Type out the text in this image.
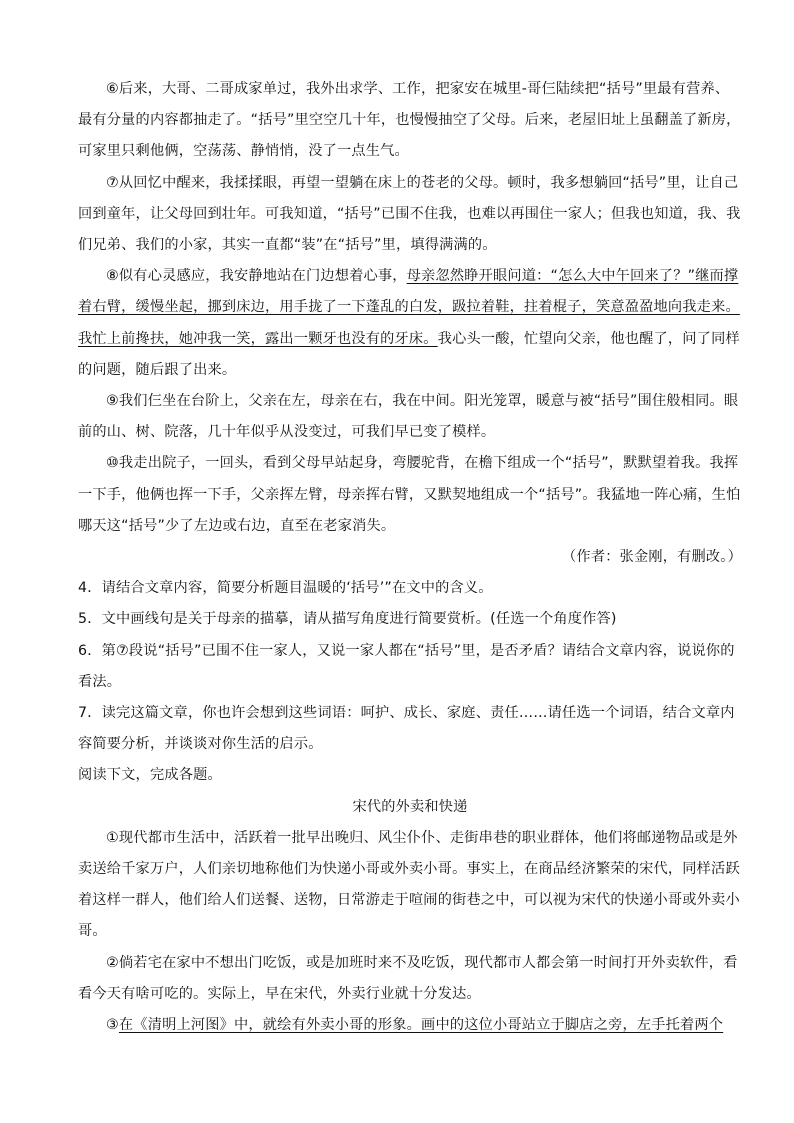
⑥后来，大哥、二哥成家单过，我外出求学、工作，把家安在城里-哥仨陆续把“括号”里最有营养、最有分量的内容都抽走了。“括号”里空空几十年，也慢慢抽空了父母。后来，老屋旧址上虽翻盖了新房，可家里只剩他俩，空荡荡、静悄悄，没了一点生气。

⑦从回忆中醒来，我揉揉眼，再望一望躺在床上的苍老的父母。顿时，我多想躺回“括号”里，让自己回到童年，让父母回到壮年。可我知道，“括号”已围不住我，也难以再围住一家人；但我也知道，我、我们兄弟、我们的小家，其实一直都“装”在“括号”里，填得满满的。

⑧似有心灵感应，我安静地站在门边想着心事，母亲忽然睁开眼问道：“怎么大中午回来了？”继而撑着右臂，缓慢坐起，挪到床边，用手拢了一下蓬乱的白发，趿拉着鞋，拄着棍子，笑意盈盈地向我走来。我忙上前搀扶，她冲我一笑，露出一颗牙也没有的牙床。我心头一酸，忙望向父亲，他也醒了，问了同样的问题，随后跟了出来。

⑨我们仨坐在台阶上，父亲在左，母亲在右，我在中间。阳光笼罩，暖意与被“括号”围住般相同。眼前的山、树、院落，几十年似乎从没变过，可我们早已变了模样。

⑩我走出院子，一回头，看到父母早站起身，弯腰驼背，在檐下组成一个“括号”，默默望着我。我挥一下手，他俩也挥一下手，父亲挥左臂，母亲挥右臂，又默契地组成一个“括号”。我猛地一阵心痛，生怕哪天这“括号”少了左边或右边，直至在老家消失。

（作者：张金刚，有删改。）

4．请结合文章内容，简要分析题目温暖的‘括号’”在文中的含义。

5．文中画线句是关于母亲的描摹，请从描写角度进行简要赏析。(任选一个角度作答)

6．第⑦段说“括号”已围不住一家人，又说一家人都在“括号”里，是否矛盾？请结合文章内容，说说你的看法。

7．读完这篇文章，你也许会想到这些词语：呵护、成长、家庭、责任……请任选一个词语，结合文章内容简要分析，并谈谈对你生活的启示。

阅读下文，完成各题。

宋代的外卖和快递

①现代都市生活中，活跃着一批早出晚归、风尘仆仆、走街串巷的职业群体，他们将邮递物品或是外卖送给千家万户，人们亲切地称他们为快递小哥或外卖小哥。事实上，在商品经济繁荣的宋代，同样活跃着这样一群人，他们给人们送餐、送物，日常游走于喧闹的街巷之中，可以视为宋代的快递小哥或外卖小哥。

②倘若宅在家中不想出门吃饭，或是加班时来不及吃饭，现代都市人都会第一时间打开外卖软件，看看今天有啥可吃的。实际上，早在宋代，外卖行业就十分发达。

③在《清明上河图》中，就绘有外卖小哥的形象。画中的这位小哥站立于脚店之旁，左手托着两个
